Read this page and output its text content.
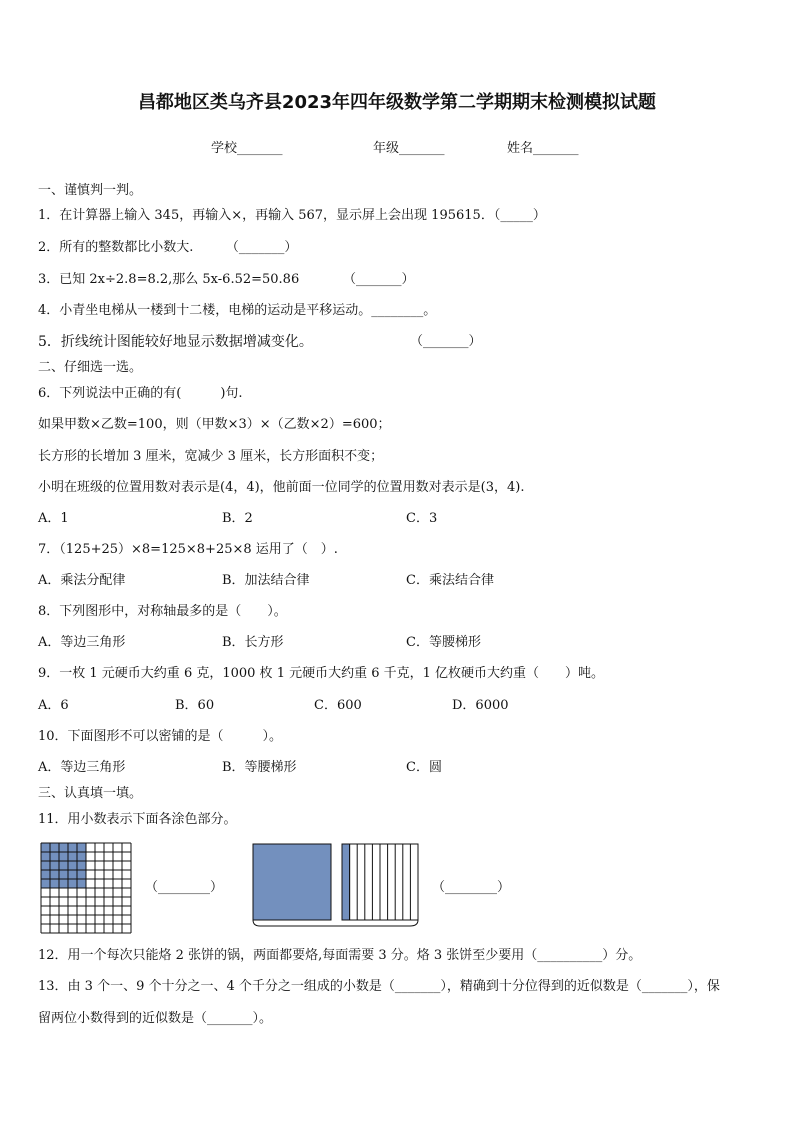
昌都地区类乌齐县2023年四年级数学第二学期期末检测模拟试题
学校_______	年级_______	姓名_______
一、谨慎判一判。
1．在计算器上输入 345，再输入×，再输入 567，显示屏上会出现 195615．（_____）
2．所有的整数都比小数大.　　　（_______）
3．已知 2x÷2.8=8.2,那么 5x-6.52=50.86	（_______）
4．小青坐电梯从一楼到十二楼，电梯的运动是平移运动。________。
5．折线统计图能较好地显示数据增减变化。	（_______）
二、仔细选一选。
6．下列说法中正确的有(　　　)句.
如果甲数×乙数=100，则（甲数×3）×（乙数×2）=600；
长方形的长增加 3 厘米，宽减少 3 厘米，长方形面积不变；
小明在班级的位置用数对表示是(4，4)，他前面一位同学的位置用数对表示是(3，4).
A．1	B．2	C．3
7．（125+25）×8=125×8+25×8 运用了（　）.
A．乘法分配律	B．加法结合律	C．乘法结合律
8．下列图形中，对称轴最多的是（　　）。
A．等边三角形	B．长方形	C．等腰梯形
9．一枚 1 元硬币大约重 6 克，1000 枚 1 元硬币大约重 6 千克，1 亿枚硬币大约重（　　）吨。
A．6	B．60	C．600	D．6000
10．下面图形不可以密铺的是（　　　）。
A．等边三角形	B．等腰梯形	C．圆
三、认真填一填。
11．用小数表示下面各涂色部分。
（________）	（________）
12．用一个每次只能烙 2 张饼的锅，两面都要烙,每面需要 3 分。烙 3 张饼至少要用（__________）分。
13．由 3 个一、9 个十分之一、4 个千分之一组成的小数是（_______），精确到十分位得到的近似数是（_______），保
留两位小数得到的近似数是（_______）。
